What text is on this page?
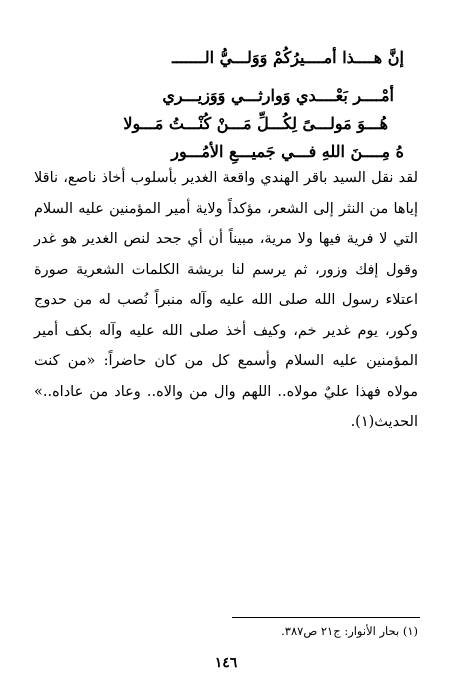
إنَّ هــــذا أمــــيرُكُمْ وَوَلـــيُّ الـــــــ
أمْــــر بَعْــــدي وَوارثـــي وَوَزيـــري
هُـــوَ مَولـــىً لِكُـــلِّ مَـــنْ كُنْـــتُ مَـــولا
هُ مِــــنَ اللهِ فـــي جَميـــعِ الأمُـــور

لقد نقل السيد باقر الهندي واقعة الغدير بأسلوب أخاذ ناصع، ناقلا إياها من النثر إلى الشعر، مؤكداً ولاية أمير المؤمنين عليه السلام التي لا فرية فيها ولا مرية، مبيناً أن أي جحد لنص الغدير هو غدر وقول إفك وزور، ثم يرسم لنا بريشة الكلمات الشعرية صورة اعتلاء رسول الله صلى الله عليه وآله منبراً نُصب له من حدوج وكور، يوم غدير خم، وكيف أخذ صلى الله عليه وآله بكف أمير المؤمنين عليه السلام وأسمع كل من كان حاضراً: «من كنت مولاه فهذا عليٌ مولاه.. اللهم وال من والاه.. وعاد من عاداه..» الحديث(١).

(١) بحار الأنوار: ج٢١ ص٣٨٧.
١٤٦
